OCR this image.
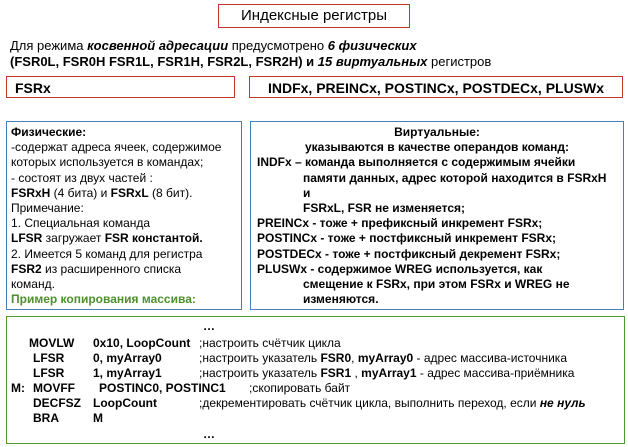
Индексные регистры
Для режима косвенной адресации предусмотрено 6 физических
(FSR0L, FSR0H FSR1L, FSR1H, FSR2L, FSR2H) и 15 виртуальных регистров
FSRx	INDFx, PREINCx, POSTINCx, POSTDECx, PLUSWx
Физические:
-содержат адреса ячеек, содержимое
которых используется в командах;
- состоят из двух частей :
FSRxH (4 бита) и FSRxL (8 бит).
Примечание:
1. Специальная команда
LFSR загружает FSR константой.
2. Имеется 5 команд для регистра
FSR2 из расширенного списка
команд.
Пример копирования массива:
Виртуальные:
указываются в качестве операндов команд:
INDFx – команда выполняется с содержимым ячейки
памяти данных, адрес которой находится в FSRxH и
FSRxL, FSR не изменяется;
PREINCx - тоже + префиксный инкремент FSRx;
POSTINCx - тоже + постфиксный инкремент FSRx;
POSTDECx - тоже + постфиксный декремент FSRx;
PLUSWx - содержимое WREG используется, как
смещение к FSRx, при этом FSRx и WREG не
изменяются.
…
MOVLW 0x10, LoopCount ;настроить счётчик цикла
LFSR 0, myArray0	;настроить указатель FSR0, myArray0 - адрес массива-источника
LFSR 1, myArray1	;настроить указатель FSR1 , myArray1 - адрес массива-приёмника
M: MOVFF POSTINC0, POSTINC1 ;скопировать байт
DECFSZ LoopCount	;декрементировать счётчик цикла, выполнить переход, если не нуль
BRA	M
…
